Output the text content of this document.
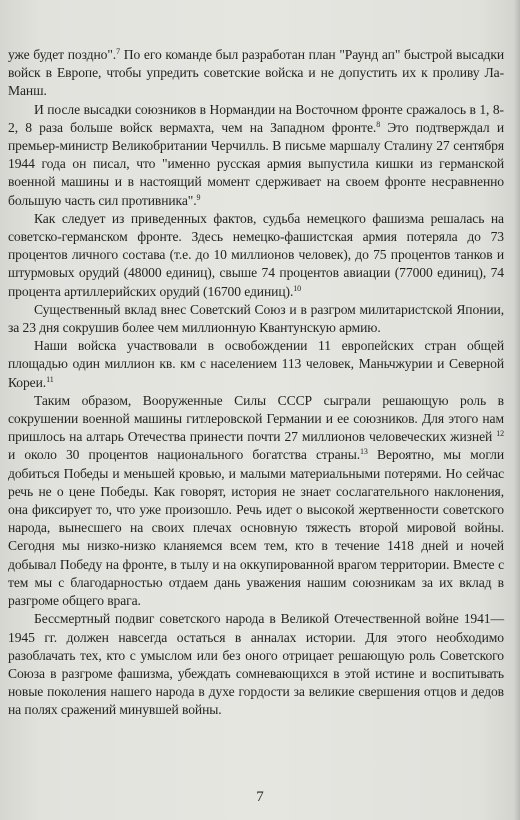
уже будет поздно".$^7$ По его команде был разработан план "Раунд ап" быстрой высадки войск в Европе, чтобы упредить советские войска и не допустить их к проливу Ла-Манш.

И после высадки союзников в Нормандии на Восточном фронте сражалось в 1, 8-2, 8 раза больше войск вермахта, чем на Западном фронте.$^8$ Это подтверждал и премьер-министр Великобритании Черчилль. В письме маршалу Сталину 27 сентября 1944 года он писал, что "именно русская армия выпустила кишки из германской военной машины и в настоящий момент сдерживает на своем фронте несравненно большую часть сил противника".$^9$

Как следует из приведенных фактов, судьба немецкого фашизма решалась на советско-германском фронте. Здесь немецко-фашистская армия потеряла до 73 процентов личного состава (т.е. до 10 миллионов человек), до 75 процентов танков и штурмовых орудий (48000 единиц), свыше 74 процентов авиации (77000 единиц), 74 процента артиллерийских орудий (16700 единиц).$^{10}$

Существенный вклад внес Советский Союз и в разгром милитаристской Японии, за 23 дня сокрушив более чем миллионную Квантунскую армию.

Наши войска участвовали в освобождении 11 европейских стран общей площадью один миллион кв. км с населением 113 человек, Маньчжурии и Северной Кореи.$^{11}$

Таким образом, Вооруженные Силы СССР сыграли решающую роль в сокрушении военной машины гитлеровской Германии и ее союзников. Для этого нам пришлось на алтарь Отечества принести почти 27 миллионов человеческих жизней $^{12}$ и около 30 процентов национального богатства страны.$^{13}$ Вероятно, мы могли добиться Победы и меньшей кровью, и малыми материальными потерями. Но сейчас речь не о цене Победы. Как говорят, история не знает сослагательного наклонения, она фиксирует то, что уже произошло. Речь идет о высокой жертвенности советского народа, вынесшего на своих плечах основную тяжесть второй мировой войны. Сегодня мы низко-низко кланяемся всем тем, кто в течение 1418 дней и ночей добывал Победу на фронте, в тылу и на оккупированной врагом территории. Вместе с тем мы с благодарностью отдаем дань уважения нашим союзникам за их вклад в разгроме общего врага.

Бессмертный подвиг советского народа в Великой Отечественной войне 1941—1945 гг. должен навсегда остаться в анналах истории. Для этого необходимо разоблачать тех, кто с умыслом или без оного отрицает решающую роль Советского Союза в разгроме фашизма, убеждать сомневающихся в этой истине и воспитывать новые поколения нашего народа в духе гордости за великие свершения отцов и дедов на полях сражений минувшей войны.

7
